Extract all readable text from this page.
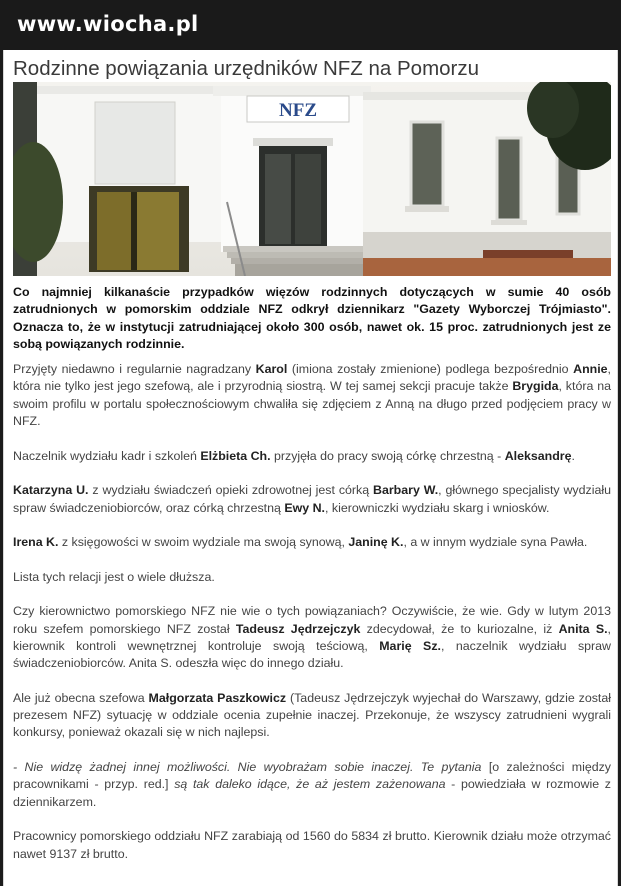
www.wiocha.pl
Rodzinne powiązania urzędników NFZ na Pomorzu
NFZ

Co najmniej kilkanaście przypadków więzów rodzinnych dotyczących w sumie 40 osób zatrudnionych w pomorskim oddziale NFZ odkrył dziennikarz "Gazety Wyborczej Trójmiasto". Oznacza to, że w instytucji zatrudniającej około 300 osób, nawet ok. 15 proc. zatrudnionych jest ze sobą powiązanych rodzinnie.

Przyjęty niedawno i regularnie nagradzany Karol (imiona zostały zmienione) podlega bezpośrednio Annie, która nie tylko jest jego szefową, ale i przyrodnią siostrą. W tej samej sekcji pracuje także Brygida, która na swoim profilu w portalu społecznościowym chwaliła się zdjęciem z Anną na długo przed podjęciem pracy w NFZ.

Naczelnik wydziału kadr i szkoleń Elżbieta Ch. przyjęła do pracy swoją córkę chrzestną - Aleksandrę.

Katarzyna U. z wydziału świadczeń opieki zdrowotnej jest córką Barbary W., głównego specjalisty wydziału spraw świadczeniobiorców, oraz córką chrzestną Ewy N., kierowniczki wydziału skarg i wniosków.

Irena K. z księgowości w swoim wydziale ma swoją synową, Janinę K., a w innym wydziale syna Pawła.

Lista tych relacji jest o wiele dłuższa.

Czy kierownictwo pomorskiego NFZ nie wie o tych powiązaniach? Oczywiście, że wie. Gdy w lutym 2013 roku szefem pomorskiego NFZ został Tadeusz Jędrzejczyk zdecydował, że to kuriozalne, iż Anita S., kierownik kontroli wewnętrznej kontroluje swoją teściową, Marię Sz., naczelnik wydziału spraw świadczeniobiorców. Anita S. odeszła więc do innego działu.

Ale już obecna szefowa Małgorzata Paszkowicz (Tadeusz Jędrzejczyk wyjechał do Warszawy, gdzie został prezesem NFZ) sytuację w oddziale ocenia zupełnie inaczej. Przekonuje, że wszyscy zatrudnieni wygrali konkursy, ponieważ okazali się w nich najlepsi.

- Nie widzę żadnej innej możliwości. Nie wyobrażam sobie inaczej. Te pytania [o zależności między pracownikami - przyp. red.] są tak daleko idące, że aż jestem zażenowana - powiedziała w rozmowie z dziennikarzem.

Pracownicy pomorskiego oddziału NFZ zarabiają od 1560 do 5834 zł brutto. Kierownik działu może otrzymać nawet 9137 zł brutto.
